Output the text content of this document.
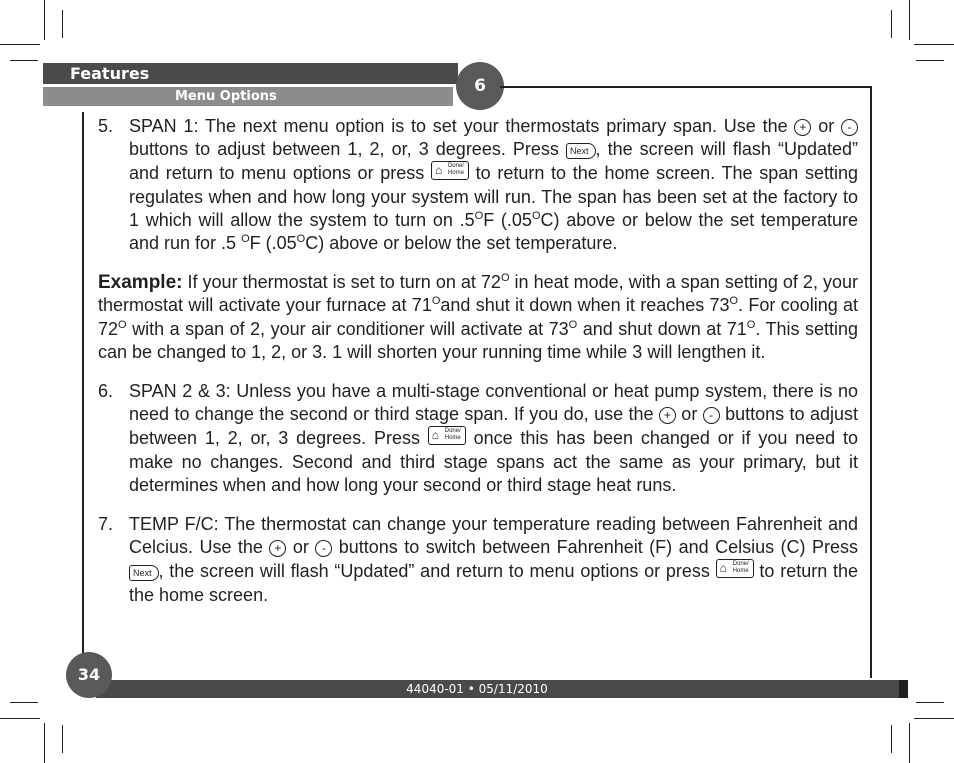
Features
Menu Options
6
5. SPAN 1: The next menu option is to set your thermostats primary span. Use the + or - buttons to adjust between 1, 2, or, 3 degrees. Press Next , the screen will flash “Updated” and return to menu options or press ⌂ Done/
Home to return to the home screen. The span setting regulates when and how long your system will run. The span has been set at the factory to 1 which will allow the system to turn on $.5^OF$ $(.05^OC)$ above or below the set temperature and run for .5 $^O$F $(.05^OC)$ above or below the set temperature.
Example: If your thermostat is set to turn on at $72^O$ in heat mode, with a span setting of 2, your thermostat will activate your furnace at $71^Oand$ shut it down when it reaches $73^O$. For cooling at $72^O$ with a span of 2, your air conditioner will activate at $73^O$ and shut down at $71^O$. This setting can be changed to 1, 2, or 3. 1 will shorten your running time while 3 will lengthen it.
6. SPAN 2 & 3: Unless you have a multi-stage conventional or heat pump system, there is no need to change the second or third stage span. If you do, use the + or - buttons to adjust between 1, 2, or, 3 degrees. Press ⌂ Done/
Home once this has been changed or if you need to make no changes. Second and third stage spans act the same as your primary, but it determines when and how long your second or third stage heat runs.
7. TEMP F/C: The thermostat can change your temperature reading between Fahrenheit and Celcius. Use the + or - buttons to switch between Fahrenheit (F) and Celsius (C) Press Next , the screen will flash “Updated” and return to menu options or press ⌂ Done/
Home to return the the home screen.
44040-01 • 05/11/2010
34
